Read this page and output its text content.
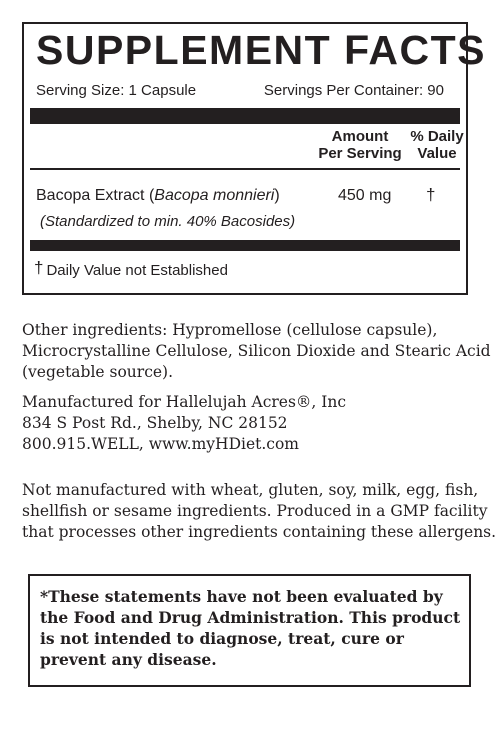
SUPPLEMENT FACTS
Serving Size: 1 Capsule	Servings Per Container: 90
Amount
Per Serving
% Daily
Value
Bacopa Extract (Bacopa monnieri)
(Standardized to min. 40% Bacosides)
450 mg †
† Daily Value not Established

Other ingredients: Hypromellose (cellulose capsule), Microcrystalline Cellulose, Silicon Dioxide and Stearic Acid (vegetable source).

Manufactured for Hallelujah Acres®, Inc
834 S Post Rd., Shelby, NC 28152
800.915.WELL, www.myHDiet.com

Not manufactured with wheat, gluten, soy, milk, egg, fish, shellfish or sesame ingredients. Produced in a GMP facility that processes other ingredients containing these allergens.

*These statements have not been evaluated by the Food and Drug Administration. This product is not intended to diagnose, treat, cure or prevent any disease.
